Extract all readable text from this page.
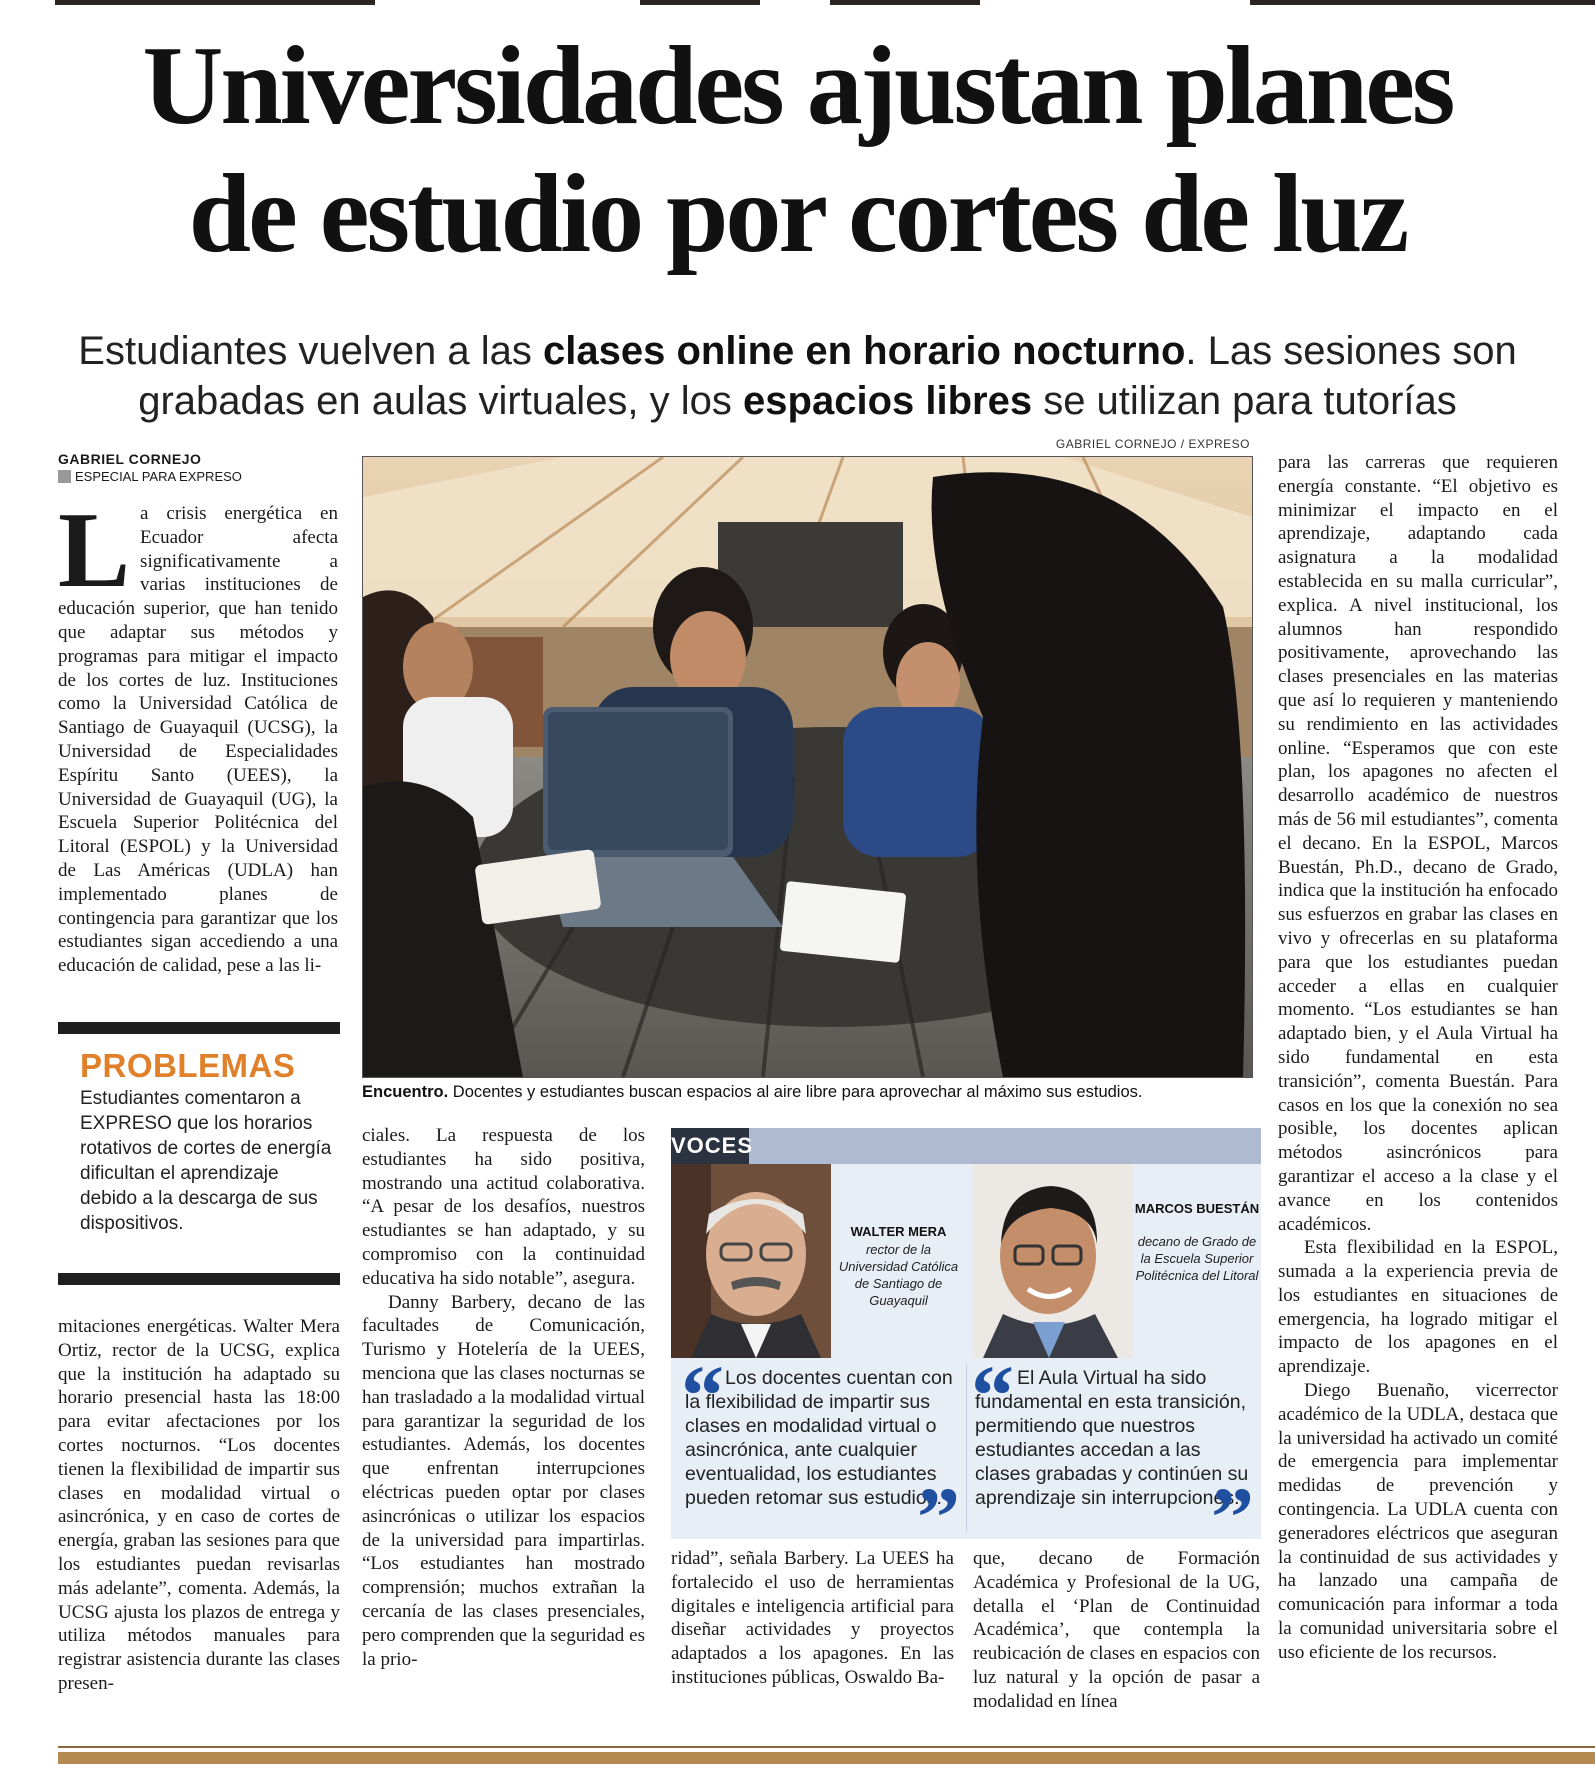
Universidades ajustan planes
de estudio por cortes de luz

Estudiantes vuelven a las clases online en horario nocturno. Las sesiones son grabadas en aulas virtuales, y los espacios libres se utilizan para tutorías

GABRIEL CORNEJO
ESPECIAL PARA EXPRESO

La crisis energética en Ecuador afecta significativamente a varias instituciones de educación superior, que han tenido que adaptar sus métodos y programas para mitigar el impacto de los cortes de luz. Instituciones como la Universidad Católica de Santiago de Guayaquil (UCSG), la Universidad de Especialidades Espíritu Santo (UEES), la Universidad de Guayaquil (UG), la Escuela Superior Politécnica del Litoral (ESPOL) y la Universidad de Las Américas (UDLA) han implementado planes de contingencia para garantizar que los estudiantes sigan accediendo a una educación de calidad, pese a las li-

PROBLEMAS

Estudiantes comentaron a EXPRESO que los horarios rotativos de cortes de energía dificultan el aprendizaje debido a la descarga de sus dispositivos.

mitaciones energéticas. Walter Mera Ortiz, rector de la UCSG, explica que la institución ha adaptado su horario presencial hasta las 18:00 para evitar afectaciones por los cortes nocturnos. “Los docentes tienen la flexibilidad de impartir sus clases en modalidad virtual o asincrónica, y en caso de cortes de energía, graban las sesiones para que los estudiantes puedan revisarlas más adelante”, comenta. Además, la UCSG ajusta los plazos de entrega y utiliza métodos manuales para registrar asistencia durante las clases presen-

GABRIEL CORNEJO / EXPRESO
Encuentro. Docentes y estudiantes buscan espacios al aire libre para aprovechar al máximo sus estudios.

ciales. La respuesta de los estudiantes ha sido positiva, mostrando una actitud colaborativa. “A pesar de los desafíos, nuestros estudiantes se han adaptado, y su compromiso con la continuidad educativa ha sido notable”, asegura.

Danny Barbery, decano de las facultades de Comunicación, Turismo y Hotelería de la UEES, menciona que las clases nocturnas se han trasladado a la modalidad virtual para garantizar la seguridad de los estudiantes. Además, los docentes que enfrentan interrupciones eléctricas pueden optar por clases asincrónicas o utilizar los espacios de la universidad para impartirlas. “Los estudiantes han mostrado comprensión; muchos extrañan la cercanía de las clases presenciales, pero comprenden que la seguridad es la prio-

VOCES
WALTER MERA
rector de la Universidad Católica de Santiago de Guayaquil
MARCOS BUESTÁN
decano de Grado de la Escuela Superior Politécnica del Litoral
“ Los docentes cuentan con la flexibilidad de impartir sus clases en modalidad virtual o asincrónica, ante cualquier eventualidad, los estudiantes pueden retomar sus estudios.
”
“ El Aula Virtual ha sido fundamental en esta transición, permitiendo que nuestros estudiantes accedan a las clases grabadas y continúen su aprendizaje sin interrupciones.
”

ridad”, señala Barbery. La UEES ha fortalecido el uso de herramientas digitales e inteligencia artificial para diseñar actividades y proyectos adaptados a los apagones. En las instituciones públicas, Oswaldo Ba-

que, decano de Formación Académica y Profesional de la UG, detalla el ‘Plan de Continuidad Académica’, que contempla la reubicación de clases en espacios con luz natural y la opción de pasar a modalidad en línea

para las carreras que requieren energía constante. “El objetivo es minimizar el impacto en el aprendizaje, adaptando cada asignatura a la modalidad establecida en su malla curricular”, explica. A nivel institucional, los alumnos han respondido positivamente, aprovechando las clases presenciales en las materias que así lo requieren y manteniendo su rendimiento en las actividades online. “Esperamos que con este plan, los apagones no afecten el desarrollo académico de nuestros más de 56 mil estudiantes”, comenta el decano. En la ESPOL, Marcos Buestán, Ph.D., decano de Grado, indica que la institución ha enfocado sus esfuerzos en grabar las clases en vivo y ofrecerlas en su plataforma para que los estudiantes puedan acceder a ellas en cualquier momento. “Los estudiantes se han adaptado bien, y el Aula Virtual ha sido fundamental en esta transición”, comenta Buestán. Para casos en los que la conexión no sea posible, los docentes aplican métodos asincrónicos para garantizar el acceso a la clase y el avance en los contenidos académicos.

Esta flexibilidad en la ESPOL, sumada a la experiencia previa de los estudiantes en situaciones de emergencia, ha logrado mitigar el impacto de los apagones en el aprendizaje.

Diego Buenaño, vicerrector académico de la UDLA, destaca que la universidad ha activado un comité de emergencia para implementar medidas de prevención y contingencia. La UDLA cuenta con generadores eléctricos que aseguran la continuidad de sus actividades y ha lanzado una campaña de comunicación para informar a toda la comunidad universitaria sobre el uso eficiente de los recursos.
